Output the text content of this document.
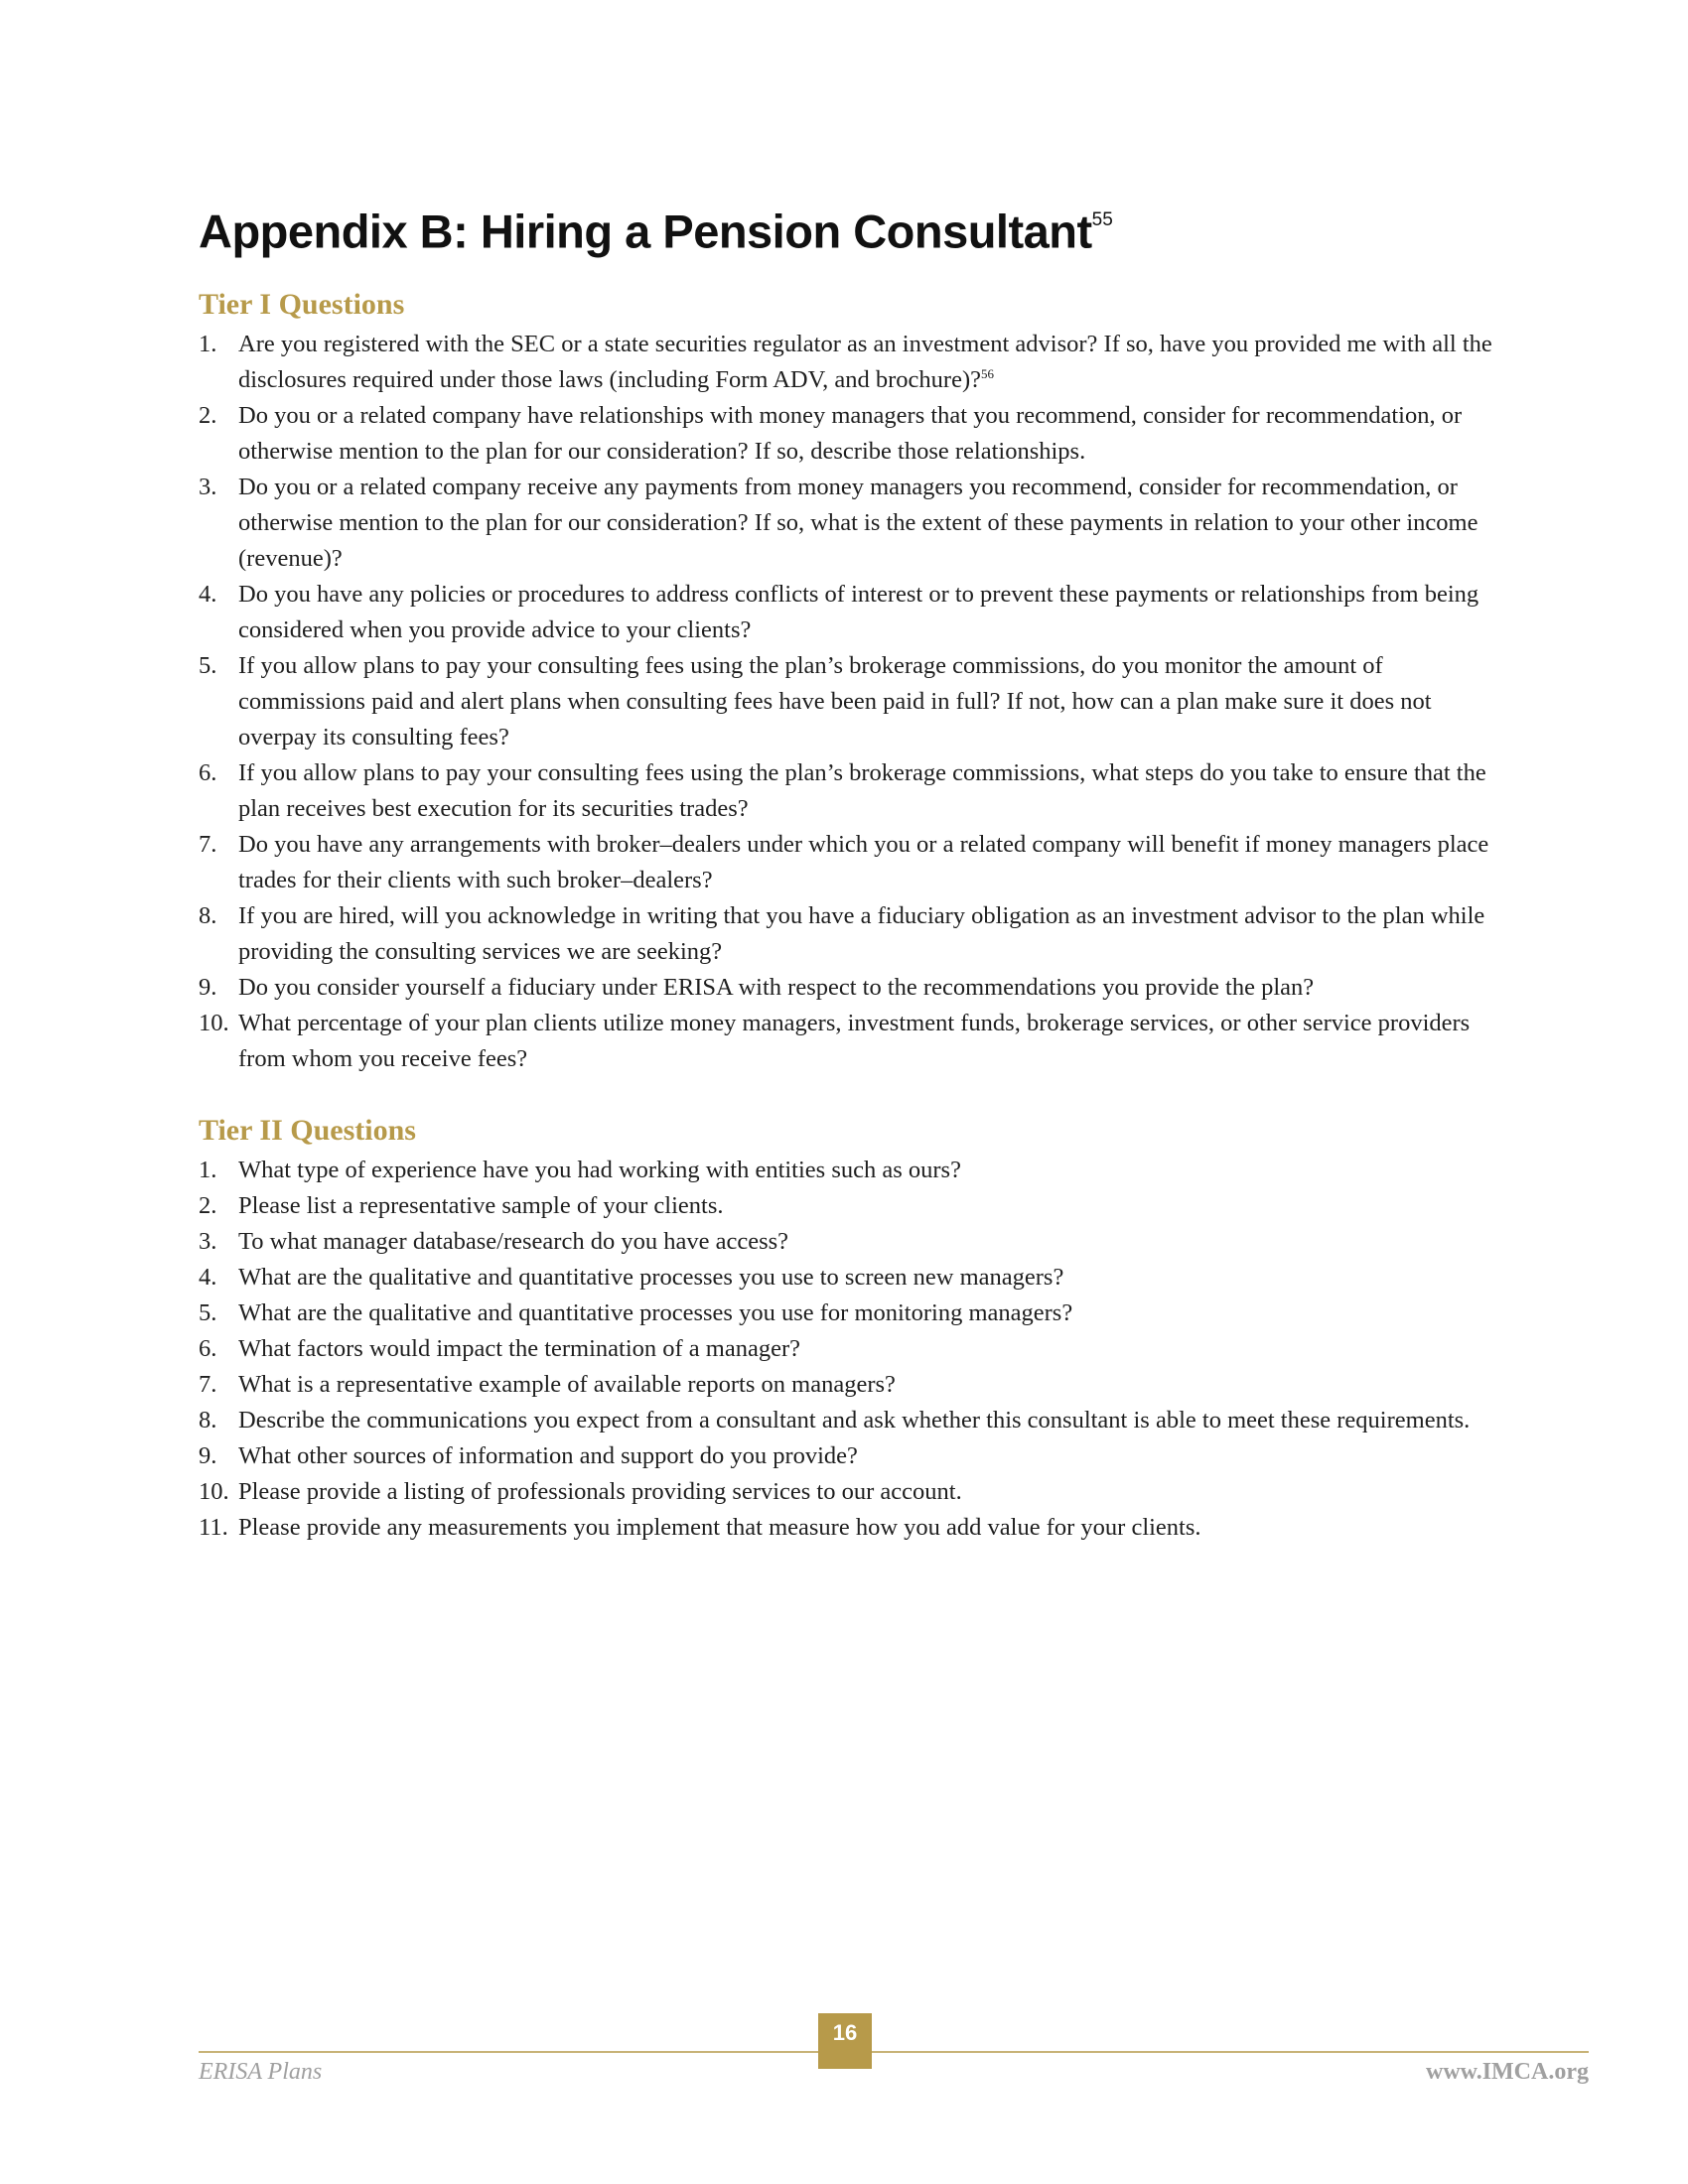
Appendix B: Hiring a Pension Consultant$^{55}$
Tier I Questions
1. Are you registered with the SEC or a state securities regulator as an investment advisor? If so, have you provided me with all the disclosures required under those laws (including Form ADV, and brochure)?$^{56}$
2. Do you or a related company have relationships with money managers that you recommend, consider for recommendation, or otherwise mention to the plan for our consideration? If so, describe those relationships.
3. Do you or a related company receive any payments from money managers you recommend, consider for recommendation, or otherwise mention to the plan for our consideration? If so, what is the extent of these payments in relation to your other income (revenue)?
4. Do you have any policies or procedures to address conflicts of interest or to prevent these payments or relationships from being considered when you provide advice to your clients?
5. If you allow plans to pay your consulting fees using the plan’s brokerage commissions, do you monitor the amount of commissions paid and alert plans when consulting fees have been paid in full? If not, how can a plan make sure it does not overpay its consulting fees?
6. If you allow plans to pay your consulting fees using the plan’s brokerage commissions, what steps do you take to ensure that the plan receives best execution for its securities trades?
7. Do you have any arrangements with broker–dealers under which you or a related company will benefit if money managers place trades for their clients with such broker–dealers?
8. If you are hired, will you acknowledge in writing that you have a fiduciary obligation as an investment advisor to the plan while providing the consulting services we are seeking?
9. Do you consider yourself a fiduciary under ERISA with respect to the recommendations you provide the plan?
10. What percentage of your plan clients utilize money managers, investment funds, brokerage services, or other service providers from whom you receive fees?
Tier II Questions
1. What type of experience have you had working with entities such as ours?
2. Please list a representative sample of your clients.
3. To what manager database/research do you have access?
4. What are the qualitative and quantitative processes you use to screen new managers?
5. What are the qualitative and quantitative processes you use for monitoring managers?
6. What factors would impact the termination of a manager?
7. What is a representative example of available reports on managers?
8. Describe the communications you expect from a consultant and ask whether this consultant is able to meet these requirements.
9. What other sources of information and support do you provide?
10. Please provide a listing of professionals providing services to our account.
11. Please provide any measurements you implement that measure how you add value for your clients.
16
ERISA Plans	www.IMCA.org
